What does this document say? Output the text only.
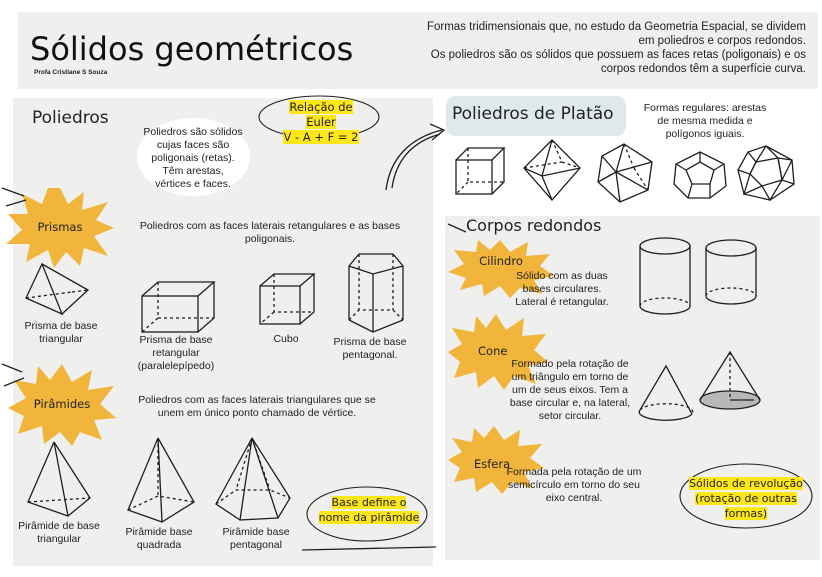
Sólidos geométricos
Profa Cristiane S Souza
Formas tridimensionais que, no estudo da Geometria Espacial, se dividem
em poliedros e corpos redondos.
Os poliedros são os sólidos que possuem as faces retas (poligonais) e os
corpos redondos têm a superfície curva.
Poliedros
Poliedros são sólidos cujas faces são poligonais (retas). Têm arestas, vértices e faces.
Relação de Euler
V - A + F = 2
Prismas	Poliedros com as faces laterais retangulares e as bases poligonais.
Prisma de base triangular	Prisma de base retangular (paralelepípedo)
Cubo	Prisma de base pentagonal.
Pirâmides	Poliedros com as faces laterais triangulares que se unem em único ponto chamado de vértice.
Pirâmide de base triangular
Pirâmide base quadrada
Pirâmide base pentagonal
Base define o nome da pirâmide
Poliedros de Platão	Formas regulares: arestas de mesma medida e polígonos iguais.
Corpos redondos
Cilindro
Sólido com as duas bases circulares. Lateral é retangular.
Cone
Formado pela rotação de um triângulo em torno de um de seus eixos. Tem a base circular e, na lateral, setor circular.
Esfera
Formada pela rotação de um semicírculo em torno do seu eixo central.
Sólidos de revolução (rotação de outras formas)
